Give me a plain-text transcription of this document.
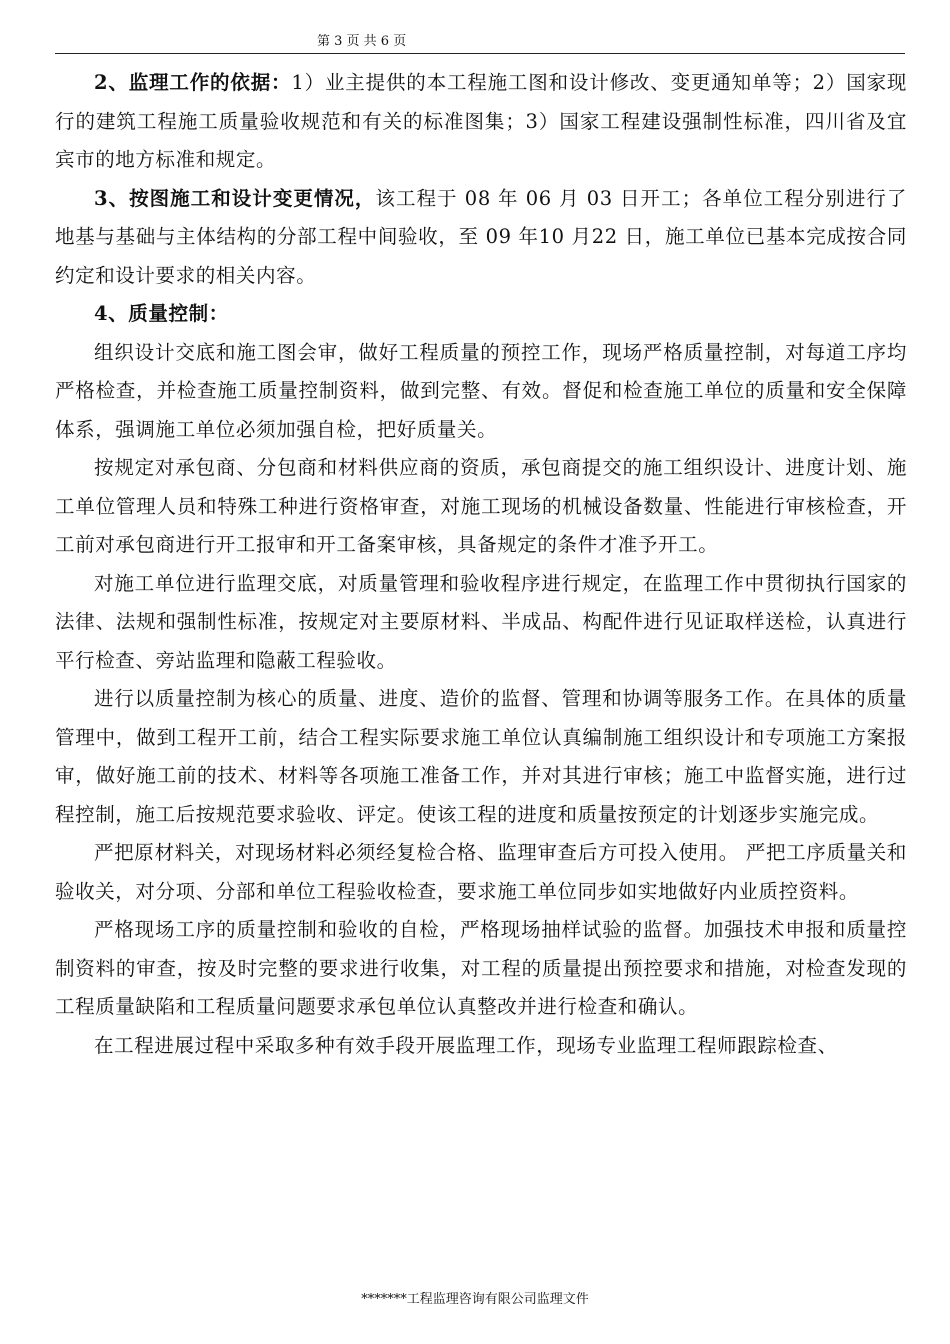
第 3 页 共 6 页

2、监理工作的依据：1）业主提供的本工程施工图和设计修改、变更通知单等；2）国家现行的建筑工程施工质量验收规范和有关的标准图集；3）国家工程建设强制性标准，四川省及宜宾市的地方标准和规定。

3、按图施工和设计变更情况，该工程于 08 年 06 月 03 日开工；各单位工程分别进行了地基与基础与主体结构的分部工程中间验收，至 09 年10 月22 日，施工单位已基本完成按合同约定和设计要求的相关内容。

4、质量控制：

组织设计交底和施工图会审，做好工程质量的预控工作，现场严格质量控制，对每道工序均严格检查，并检查施工质量控制资料，做到完整、有效。督促和检查施工单位的质量和安全保障体系，强调施工单位必须加强自检，把好质量关。

按规定对承包商、分包商和材料供应商的资质，承包商提交的施工组织设计、进度计划、施工单位管理人员和特殊工种进行资格审查，对施工现场的机械设备数量、性能进行审核检查，开工前对承包商进行开工报审和开工备案审核，具备规定的条件才准予开工。

对施工单位进行监理交底，对质量管理和验收程序进行规定，在监理工作中贯彻执行国家的法律、法规和强制性标准，按规定对主要原材料、半成品、构配件进行见证取样送检，认真进行平行检查、旁站监理和隐蔽工程验收。

进行以质量控制为核心的质量、进度、造价的监督、管理和协调等服务工作。在具体的质量管理中，做到工程开工前，结合工程实际要求施工单位认真编制施工组织设计和专项施工方案报审，做好施工前的技术、材料等各项施工准备工作，并对其进行审核；施工中监督实施，进行过程控制，施工后按规范要求验收、评定。使该工程的进度和质量按预定的计划逐步实施完成。

严把原材料关，对现场材料必须经复检合格、监理审查后方可投入使用。 严把工序质量关和验收关，对分项、分部和单位工程验收检查，要求施工单位同步如实地做好内业质控资料。

严格现场工序的质量控制和验收的自检，严格现场抽样试验的监督。加强技术申报和质量控制资料的审查，按及时完整的要求进行收集，对工程的质量提出预控要求和措施，对检查发现的工程质量缺陷和工程质量问题要求承包单位认真整改并进行检查和确认。

在工程进展过程中采取多种有效手段开展监理工作，现场专业监理工程师跟踪检查、

*******工程监理咨询有限公司监理文件
